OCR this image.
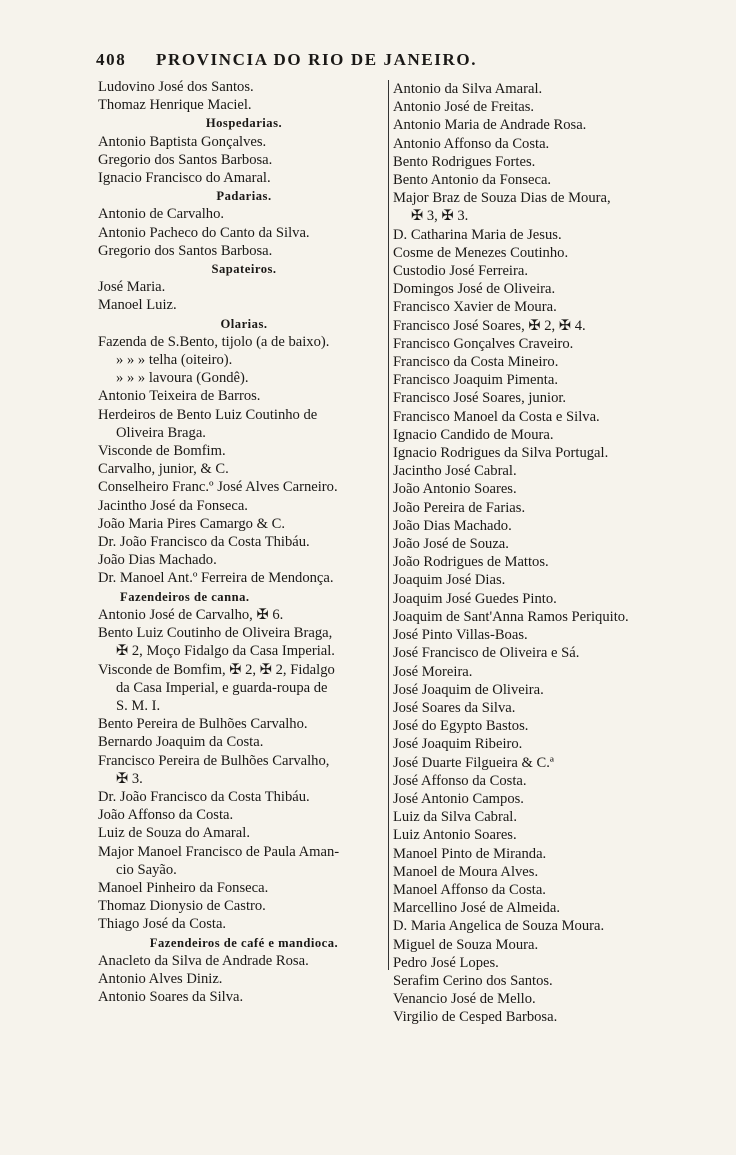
408	PROVINCIA DO RIO DE JANEIRO.
Ludovino José dos Santos.
Thomaz Henrique Maciel.
Hospedarias.
Antonio Baptista Gonçalves.
Gregorio dos Santos Barbosa.
Ignacio Francisco do Amaral.
Padarias.
Antonio de Carvalho.
Antonio Pacheco do Canto da Silva.
Gregorio dos Santos Barbosa.
Sapateiros.
José Maria.
Manoel Luiz.
Olarias.
Fazenda de S.Bento, tijolo (a de baixo).
» » » telha (oiteiro).
» » » lavoura (Gondê).
Antonio Teixeira de Barros.
Herdeiros de Bento Luiz Coutinho de
Oliveira Braga.
Visconde de Bomfim.
Carvalho, junior, & C.
Conselheiro Franc.º José Alves Carneiro.
Jacintho José da Fonseca.
João Maria Pires Camargo & C.
Dr. João Francisco da Costa Thibáu.
João Dias Machado.
Dr. Manoel Ant.º Ferreira de Mendonça.
Fazendeiros de canna.
Antonio José de Carvalho, ✠ 6.
Bento Luiz Coutinho de Oliveira Braga,
✠ 2, Moço Fidalgo da Casa Imperial.
Visconde de Bomfim, ✠ 2, ✠ 2, Fidalgo
da Casa Imperial, e guarda-roupa de
S. M. I.
Bento Pereira de Bulhões Carvalho.
Bernardo Joaquim da Costa.
Francisco Pereira de Bulhões Carvalho,
✠ 3.
Dr. João Francisco da Costa Thibáu.
João Affonso da Costa.
Luiz de Souza do Amaral.
Major Manoel Francisco de Paula Aman-
cio Sayão.
Manoel Pinheiro da Fonseca.
Thomaz Dionysio de Castro.
Thiago José da Costa.
Fazendeiros de café e mandioca.
Anacleto da Silva de Andrade Rosa.
Antonio Alves Diniz.
Antonio Soares da Silva.
Antonio da Silva Amaral.
Antonio José de Freitas.
Antonio Maria de Andrade Rosa.
Antonio Affonso da Costa.
Bento Rodrigues Fortes.
Bento Antonio da Fonseca.
Major Braz de Souza Dias de Moura,
✠ 3, ✠ 3.
D. Catharina Maria de Jesus.
Cosme de Menezes Coutinho.
Custodio José Ferreira.
Domingos José de Oliveira.
Francisco Xavier de Moura.
Francisco José Soares, ✠ 2, ✠ 4.
Francisco Gonçalves Craveiro.
Francisco da Costa Mineiro.
Francisco Joaquim Pimenta.
Francisco José Soares, junior.
Francisco Manoel da Costa e Silva.
Ignacio Candido de Moura.
Ignacio Rodrigues da Silva Portugal.
Jacintho José Cabral.
João Antonio Soares.
João Pereira de Farias.
João Dias Machado.
João José de Souza.
João Rodrigues de Mattos.
Joaquim José Dias.
Joaquim José Guedes Pinto.
Joaquim de Sant'Anna Ramos Periquito.
José Pinto Villas-Boas.
José Francisco de Oliveira e Sá.
José Moreira.
José Joaquim de Oliveira.
José Soares da Silva.
José do Egypto Bastos.
José Joaquim Ribeiro.
José Duarte Filgueira & C.ª
José Affonso da Costa.
José Antonio Campos.
Luiz da Silva Cabral.
Luiz Antonio Soares.
Manoel Pinto de Miranda.
Manoel de Moura Alves.
Manoel Affonso da Costa.
Marcellino José de Almeida.
D. Maria Angelica de Souza Moura.
Miguel de Souza Moura.
Pedro José Lopes.
Serafim Cerino dos Santos.
Venancio José de Mello.
Virgilio de Cesped Barbosa.
